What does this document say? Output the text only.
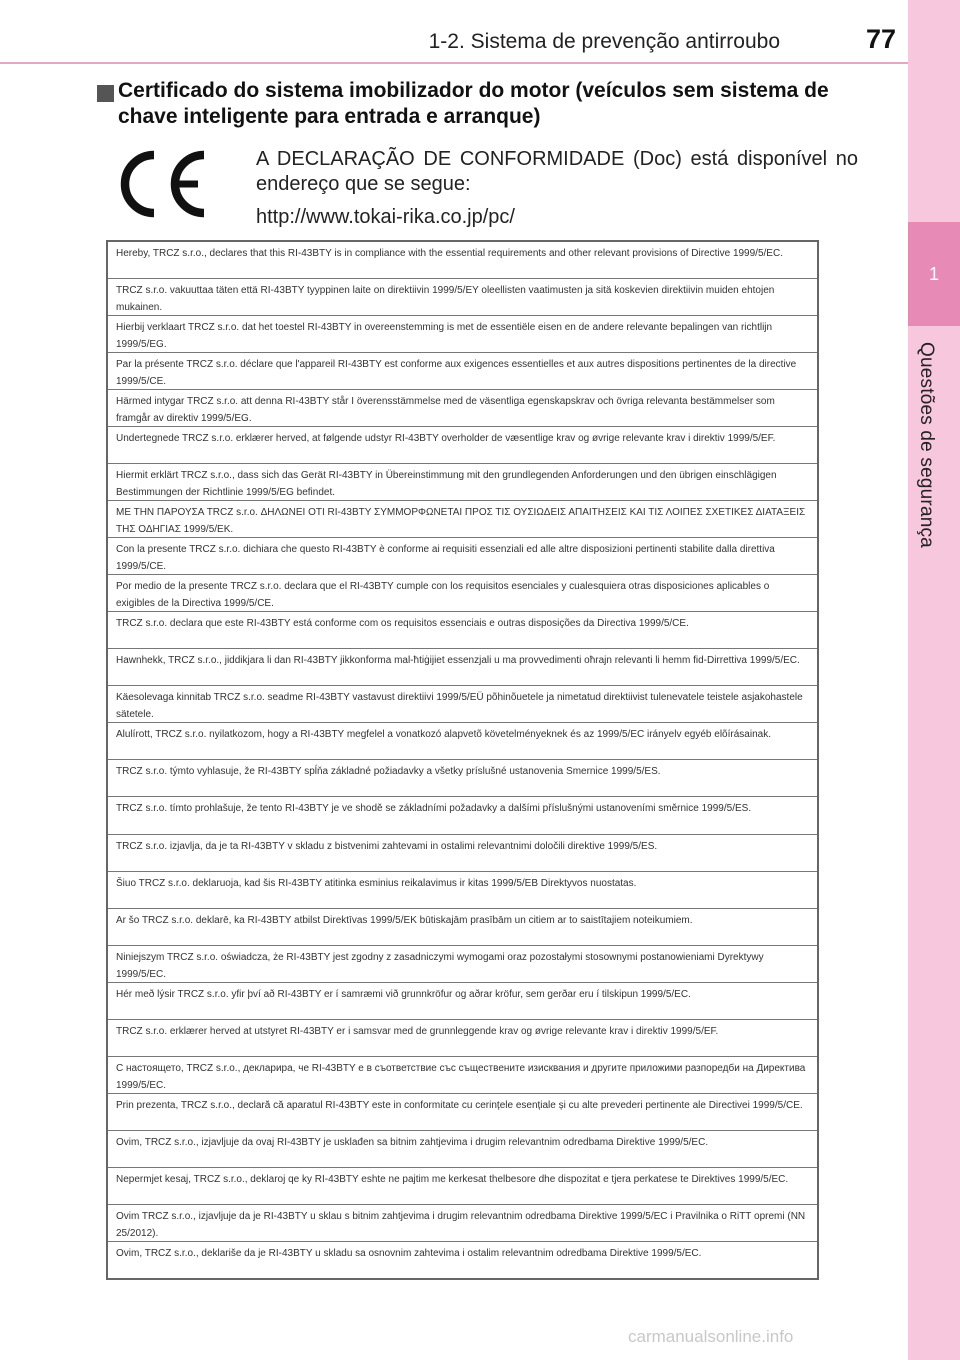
1-2. Sistema de prevenção antirroubo	77
1
Questões de segurança
Certificado do sistema imobilizador do motor (veículos sem sistema de chave inteligente para entrada e arranque)
A DECLARAÇÃO DE CONFORMIDADE (Doc) está disponível no endereço que se segue:
http://www.tokai-rika.co.jp/pc/
Hereby, TRCZ s.r.o., declares that this RI-43BTY is in compliance with the essential requirements and other relevant provisions of Directive 1999/5/EC.
TRCZ s.r.o. vakuuttaa täten että RI-43BTY tyyppinen laite on direktiivin 1999/5/EY oleellisten vaatimusten ja sitä koskevien direktiivin muiden ehtojen mukainen.
Hierbij verklaart TRCZ s.r.o. dat het toestel RI-43BTY in overeenstemming is met de essentiële eisen en de andere relevante bepalingen van richtlijn 1999/5/EG.
Par la présente TRCZ s.r.o. déclare que l'appareil RI-43BTY est conforme aux exigences essentielles et aux autres dispositions pertinentes de la directive 1999/5/CE.
Härmed intygar TRCZ s.r.o. att denna RI-43BTY står I överensstämmelse med de väsentliga egenskapskrav och övriga relevanta bestämmelser som framgår av direktiv 1999/5/EG.
Undertegnede TRCZ s.r.o. erklærer herved, at følgende udstyr RI-43BTY overholder de væsentlige krav og øvrige relevante krav i direktiv 1999/5/EF.
Hiermit erklärt TRCZ s.r.o., dass sich das Gerät RI-43BTY in Übereinstimmung mit den grundlegenden Anforderungen und den übrigen einschlägigen Bestimmungen der Richtlinie 1999/5/EG befindet.
ΜΕ ΤΗΝ ΠΑΡΟΥΣΑ TRCZ s.r.o. ΔΗΛΩΝΕΙ ΟΤΙ RI-43BTY ΣΥΜΜΟΡΦΩΝΕΤΑΙ ΠΡΟΣ ΤΙΣ ΟΥΣΙΩΔΕΙΣ ΑΠΑΙΤΗΣΕΙΣ ΚΑΙ ΤΙΣ ΛΟΙΠΕΣ ΣΧΕΤΙΚΕΣ ΔΙΑΤΑΞΕΙΣ ΤΗΣ ΟΔΗΓΙΑΣ 1999/5/ΕΚ.
Con la presente TRCZ s.r.o. dichiara che questo RI-43BTY è conforme ai requisiti essenziali ed alle altre disposizioni pertinenti stabilite dalla direttiva 1999/5/CE.
Por medio de la presente TRCZ s.r.o. declara que el RI-43BTY cumple con los requisitos esenciales y cualesquiera otras disposiciones aplicables o exigibles de la Directiva 1999/5/CE.
TRCZ s.r.o. declara que este RI-43BTY está conforme com os requisitos essenciais e outras disposições da Directiva 1999/5/CE.
Hawnhekk, TRCZ s.r.o., jiddikjara li dan RI-43BTY jikkonforma mal-ħtiġijiet essenzjali u ma provvedimenti oħrajn relevanti li hemm fid-Dirrettiva 1999/5/EC.
Käesolevaga kinnitab TRCZ s.r.o. seadme RI-43BTY vastavust direktiivi 1999/5/EÜ põhinõuetele ja nimetatud direktiivist tulenevatele teistele asjakohastele sätetele.
Alulírott, TRCZ s.r.o. nyilatkozom, hogy a RI-43BTY megfelel a vonatkozó alapvetõ követelményeknek és az 1999/5/EC irányelv egyéb elõírásainak.
TRCZ s.r.o. týmto vyhlasuje, že RI-43BTY spĺňa základné požiadavky a všetky príslušné ustanovenia Smernice 1999/5/ES.
TRCZ s.r.o. tímto prohlašuje, že tento RI-43BTY je ve shodě se základními požadavky a dalšími příslušnými ustanoveními směrnice 1999/5/ES.
TRCZ s.r.o. izjavlja, da je ta RI-43BTY v skladu z bistvenimi zahtevami in ostalimi relevantnimi določili direktive 1999/5/ES.
Šiuo TRCZ s.r.o. deklaruoja, kad šis RI-43BTY atitinka esminius reikalavimus ir kitas 1999/5/EB Direktyvos nuostatas.
Ar šo TRCZ s.r.o. deklarē, ka RI-43BTY atbilst Direktīvas 1999/5/EK būtiskajām prasībām un citiem ar to saistītajiem noteikumiem.
Niniejszym TRCZ s.r.o. oświadcza, że RI-43BTY jest zgodny z zasadniczymi wymogami oraz pozostałymi stosownymi postanowieniami Dyrektywy 1999/5/EC.
Hér með lýsir TRCZ s.r.o. yfir því að RI-43BTY er í samræmi við grunnkröfur og aðrar kröfur, sem gerðar eru í tilskipun 1999/5/EC.
TRCZ s.r.o. erklærer herved at utstyret RI-43BTY er i samsvar med de grunnleggende krav og øvrige relevante krav i direktiv 1999/5/EF.
С настоящето, TRCZ s.r.o., декларира, че RI-43BTY е в съответствие със съществените изисквания и другите приложими разпоредби на Директива 1999/5/ЕС.
Prin prezenta, TRCZ s.r.o., declară că aparatul RI-43BTY este in conformitate cu cerințele esențiale și cu alte prevederi pertinente ale Directivei 1999/5/CE.
Ovim, TRCZ s.r.o., izjavljuje da ovaj RI-43BTY je usklađen sa bitnim zahtjevima i drugim relevantnim odredbama Direktive 1999/5/EC.
Nepermjet kesaj, TRCZ s.r.o., deklaroj qe ky RI-43BTY eshte ne pajtim me kerkesat thelbesore dhe dispozitat e tjera perkatese te Direktives 1999/5/EC.
Ovim TRCZ s.r.o., izjavljuje da je RI-43BTY u sklau s bitnim zahtjevima i drugim relevantnim odredbama Direktive 1999/5/EC i Pravilnika o RiTT opremi (NN 25/2012).
Ovim, TRCZ s.r.o., deklariše da je RI-43BTY u skladu sa osnovnim zahtevima i ostalim relevantnim odredbama Direktive 1999/5/EC.
carmanualsonline.info
